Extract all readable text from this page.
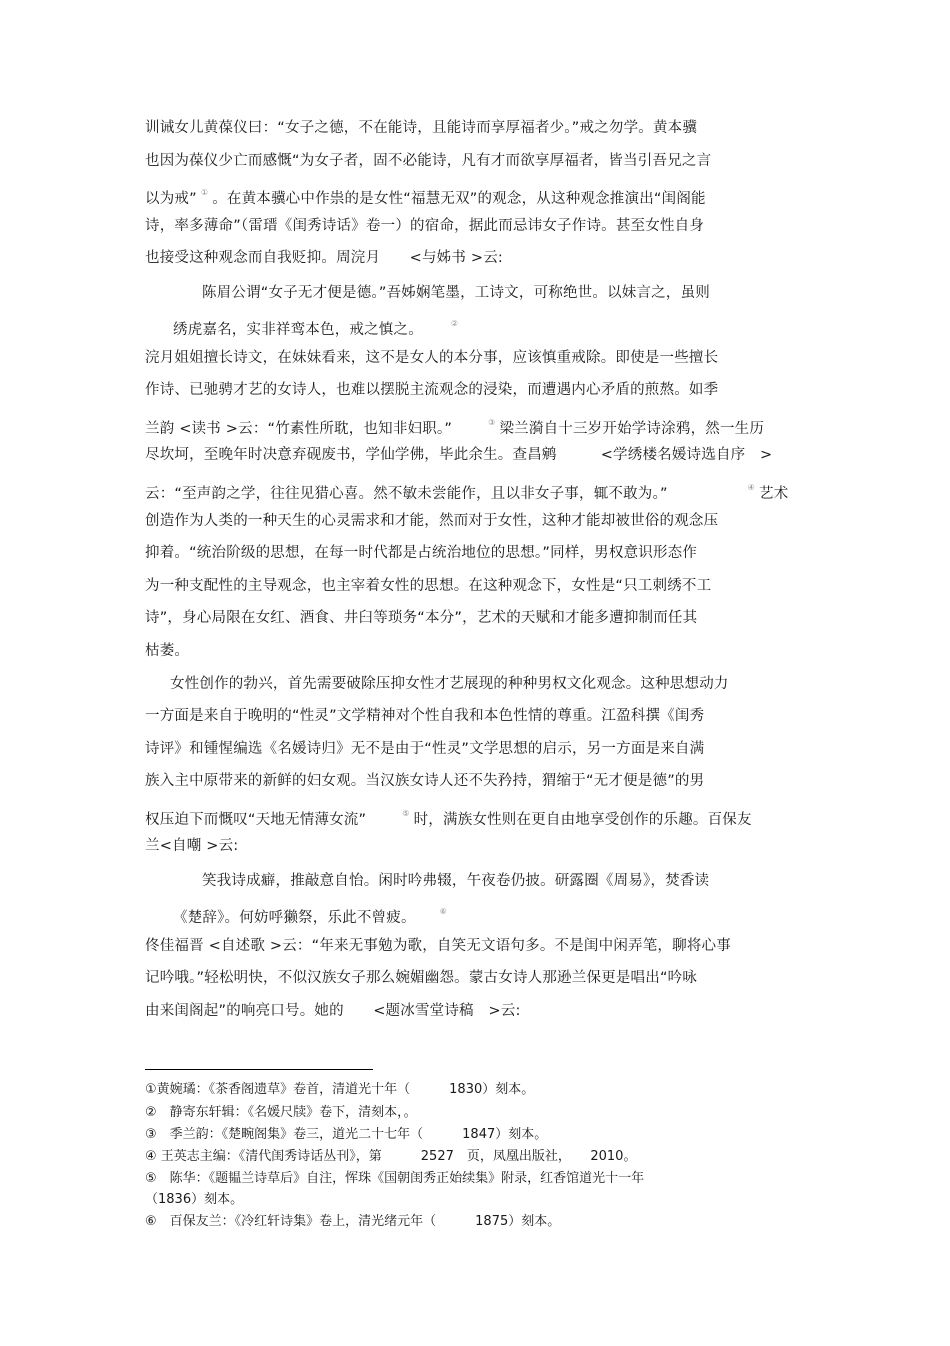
训诫女儿黄葆仪曰：“女子之德，不在能诗，且能诗而享厚福者少。”戒之勿学。黄本骥
也因为葆仪少亡而感慨“为女子者，固不必能诗，凡有才而欲享厚福者，皆当引吾兄之言
以为戒” ① 。在黄本骥心中作祟的是女性“福慧无双”的观念，从这种观念推演出“闺阁能
诗，率多薄命”（雷瑨《闺秀诗话》卷一）的宿命，据此而忌讳女子作诗。甚至女性自身
也接受这种观念而自我贬抑。周浣月　　<与姊书 >云:
陈眉公谓“女子无才便是德。”吾姊娴笔墨，工诗文，可称绝世。以妹言之，虽则
绣虎嘉名，实非祥鸾本色，戒之慎之。	②
浣月姐姐擅长诗文，在妹妹看来，这不是女人的本分事，应该慎重戒除。即使是一些擅长
作诗、已驰骋才艺的女诗人，也难以摆脱主流观念的浸染，而遭遇内心矛盾的煎熬。如季
兰韵 <读书 >云：“竹素性所耽，也知非妇职。”	③ 梁兰漪自十三岁开始学诗涂鸦，然一生历
尽坎坷，至晚年时决意弃砚废书，学仙学佛，毕此余生。查昌鹓　　　<学绣楼名媛诗选自序　>
云：“至声韵之学，往往见猎心喜。然不敏未尝能作，且以非女子事，辄不敢为。”	④ 艺术
创造作为人类的一种天生的心灵需求和才能，然而对于女性，这种才能却被世俗的观念压
抑着。“统治阶级的思想，在每一时代都是占统治地位的思想。”同样，男权意识形态作
为一种支配性的主导观念，也主宰着女性的思想。在这种观念下，女性是“只工刺绣不工
诗”，身心局限在女红、酒食、井臼等琐务“本分”，艺术的天赋和才能多遭抑制而任其
枯萎。
女性创作的勃兴，首先需要破除压抑女性才艺展现的种种男权文化观念。这种思想动力
一方面是来自于晚明的“性灵”文学精神对个性自我和本色性情的尊重。江盈科撰《闺秀
诗评》和锺惺编选《名媛诗归》无不是由于“性灵”文学思想的启示，另一方面是来自满
族入主中原带来的新鲜的妇女观。当汉族女诗人还不失矜持，猬缩于“无才便是德”的男
权压迫下而慨叹“天地无情薄女流”	⑤ 时，满族女性则在更自由地享受创作的乐趣。百保友
兰<自嘲 >云:
笑我诗成癖，推敲意自怡。闲时吟弗辍，午夜卷仍披。研露圈《周易》，焚香读
《楚辞》。何妨呼獭祭，乐此不曾疲。	⑥
佟佳福晋 <自述歌 >云：“年来无事勉为歌，自笑无文语句多。不是闺中闲弄笔，聊将心事
记吟哦。”轻松明快，不似汉族女子那么婉媚幽怨。蒙古女诗人那逊兰保更是唱出“吟咏
由来闺阁起”的响亮口号。她的　　<题冰雪堂诗稿　>云:
①黄婉璚：《茶香阁遗草》卷首，清道光十年（　　　1830）刻本。
②　静寄东轩辑：《名媛尺牍》卷下，清刻本，。
③　季兰韵：《楚畹阁集》卷三，道光二十七年（　　　1847）刻本。
④ 王英志主编：《清代闺秀诗话丛刊》，第　　　2527　页，凤凰出版社，　　2010。
⑤　陈华：《题韫兰诗草后》自注，恽珠《国朝闺秀正始续集》附录，红香馆道光十一年
（1836）刻本。
⑥　百保友兰：《冷红轩诗集》卷上，清光绪元年（　　　1875）刻本。
